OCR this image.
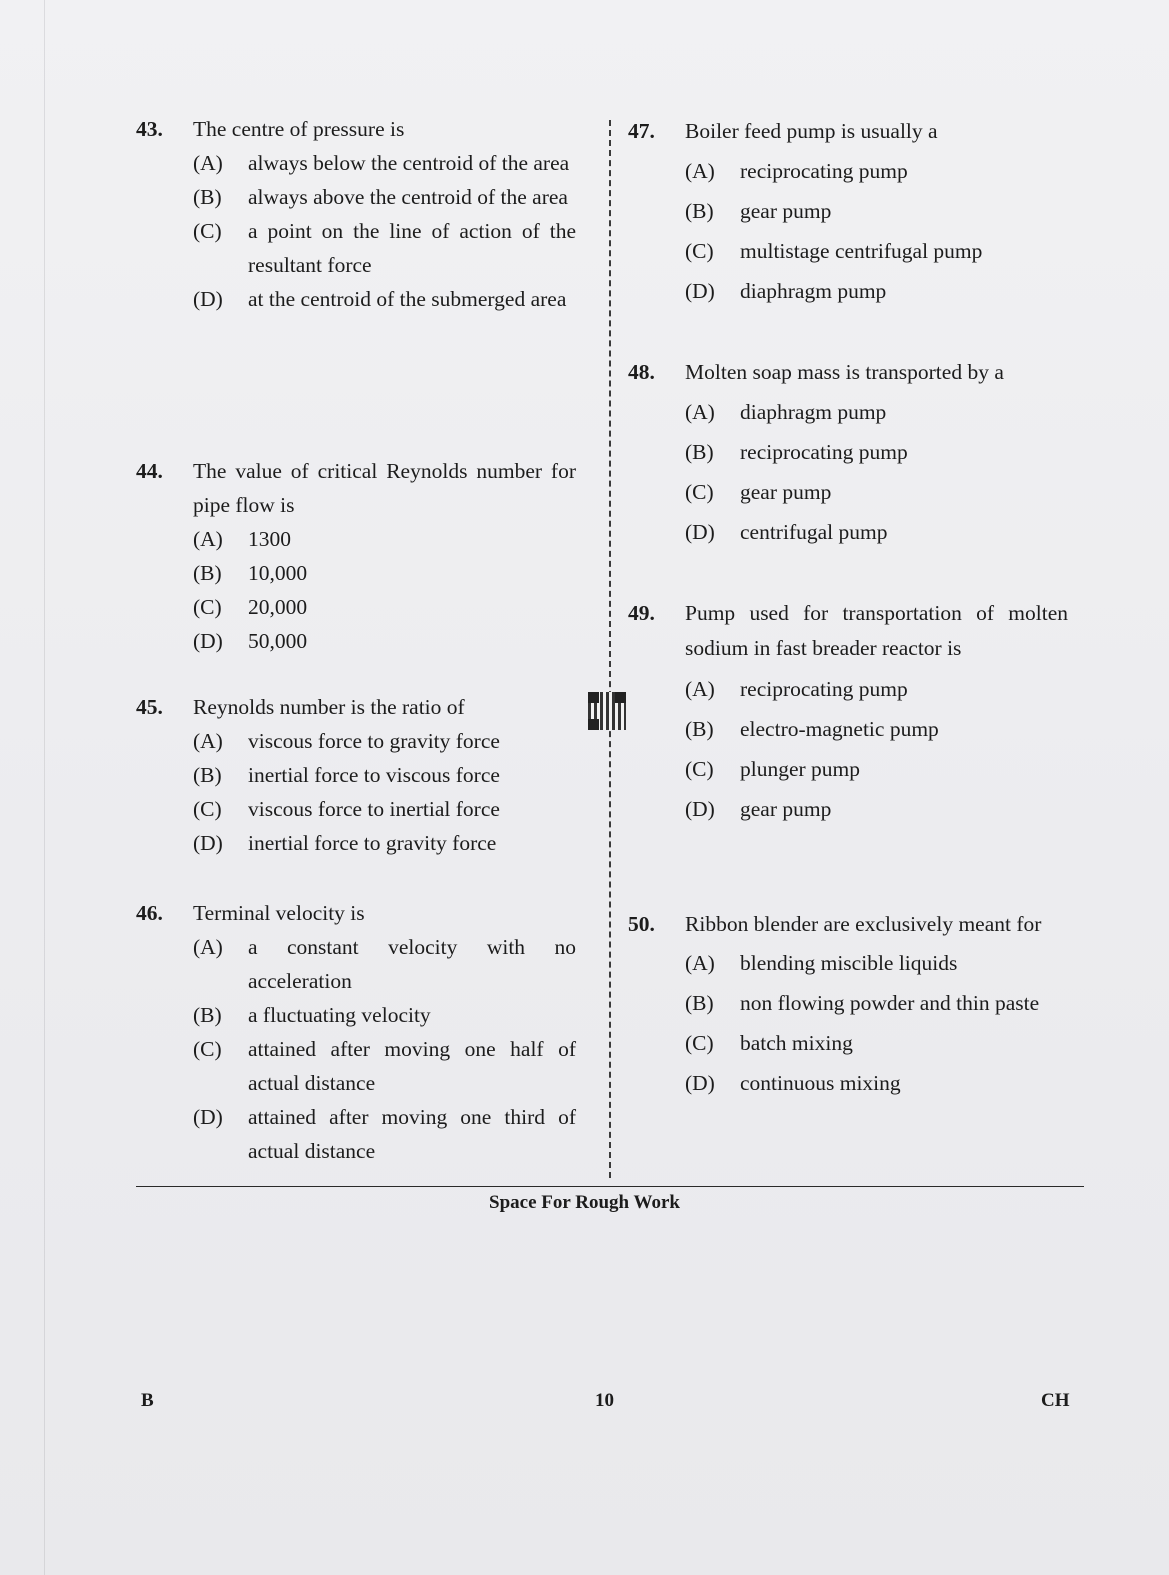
43.	The centre of pressure is
(A)	always below the centroid of the area
(B)	always above the centroid of the area
(C)	a point on the line of action of the resultant force
(D)	at the centroid of the submerged area
44.	The value of critical Reynolds number for pipe flow is
(A)	1300
(B)	10,000
(C)	20,000
(D)	50,000
45.	Reynolds number is the ratio of
(A)	viscous force to gravity force
(B)	inertial force to viscous force
(C)	viscous force to inertial force
(D)	inertial force to gravity force
46.	Terminal velocity is
(A)	a constant velocity with no acceleration
(B)	a fluctuating velocity
(C)	attained after moving one half of actual distance
(D)	attained after moving one third of actual distance
47.	Boiler feed pump is usually a
(A)	reciprocating pump
(B)	gear pump
(C)	multistage centrifugal pump
(D)	diaphragm pump
48.	Molten soap mass is transported by a
(A)	diaphragm pump
(B)	reciprocating pump
(C)	gear pump
(D)	centrifugal pump
49.	Pump used for transportation of molten sodium in fast breader reactor is
(A)	reciprocating pump
(B)	electro-magnetic pump
(C)	plunger pump
(D)	gear pump
50.	Ribbon blender are exclusively meant for
(A)	blending miscible liquids
(B)	non flowing powder and thin paste
(C)	batch mixing
(D)	continuous mixing
Space For Rough Work
B	10	CH
